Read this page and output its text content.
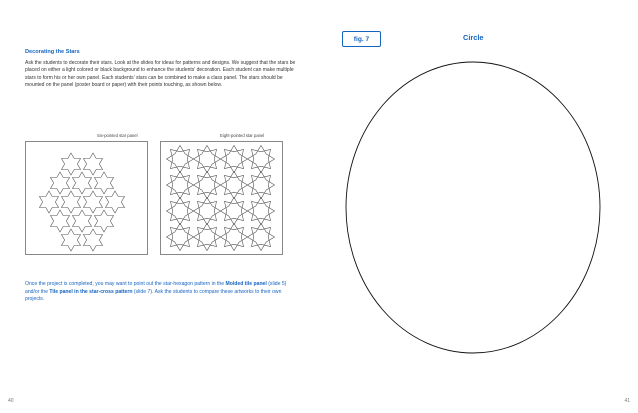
Decorating the Stars

Ask the students to decorate their stars. Look at the slides for ideas for patterns and designs. We suggest that the stars be placed on either a light colored or black background to enhance the students’ decoration. Each student can make multiple stars to form his or her own panel. Each students’ stars can be combined to make a class panel. The stars should be mounted on the panel (poster board or paper) with their points touching, as shown below.

Six-pointed star panel	Eight-pointed star panel

Once the project is completed, you may want to point out the star-hexagon pattern in the Molded tile panel (slide 5) and/or the Tile panel in the star-cross pattern (slide 7). Ask the students to compare these artworks to their own projects.

40
fig. 7	Circle
41
